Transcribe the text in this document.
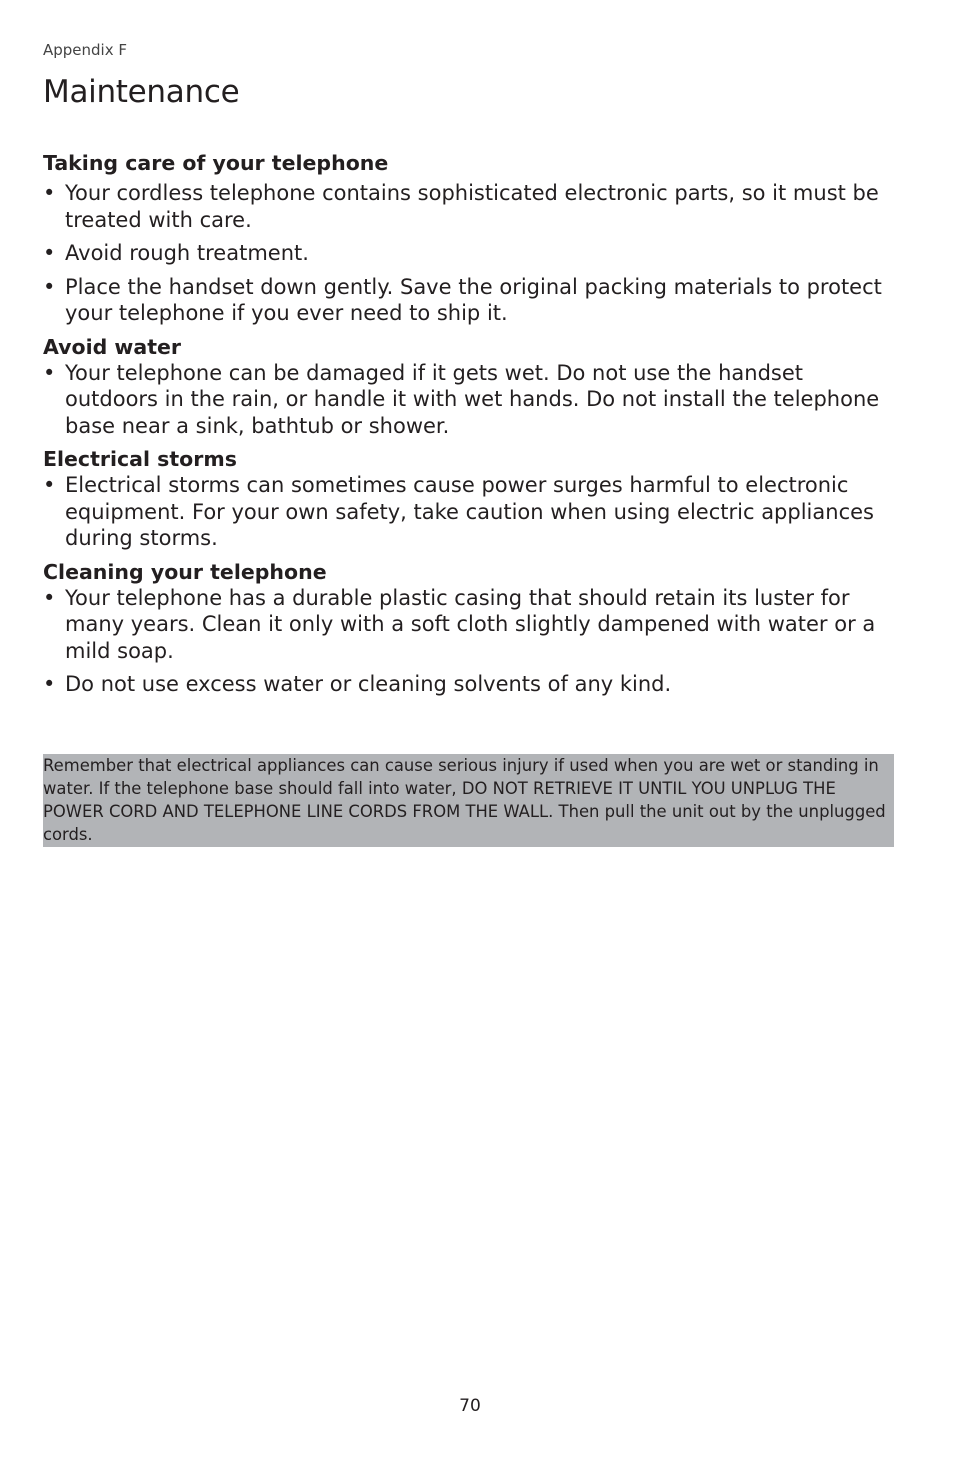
Appendix F
Maintenance
Taking care of your telephone
• Your cordless telephone contains sophisticated electronic parts, so it must be treated with care.
• Avoid rough treatment.
• Place the handset down gently. Save the original packing materials to protect your telephone if you ever need to ship it.
Avoid water
• Your telephone can be damaged if it gets wet. Do not use the handset outdoors in the rain, or handle it with wet hands. Do not install the telephone base near a sink, bathtub or shower.
Electrical storms
• Electrical storms can sometimes cause power surges harmful to electronic equipment. For your own safety, take caution when using electric appliances during storms.
Cleaning your telephone
• Your telephone has a durable plastic casing that should retain its luster for many years. Clean it only with a soft cloth slightly dampened with water or a mild soap.
• Do not use excess water or cleaning solvents of any kind.
Remember that electrical appliances can cause serious injury if used when you are wet or standing in water. If the telephone base should fall into water, DO NOT RETRIEVE IT UNTIL YOU UNPLUG THE POWER CORD AND TELEPHONE LINE CORDS FROM THE WALL. Then pull the unit out by the unplugged cords.
70
